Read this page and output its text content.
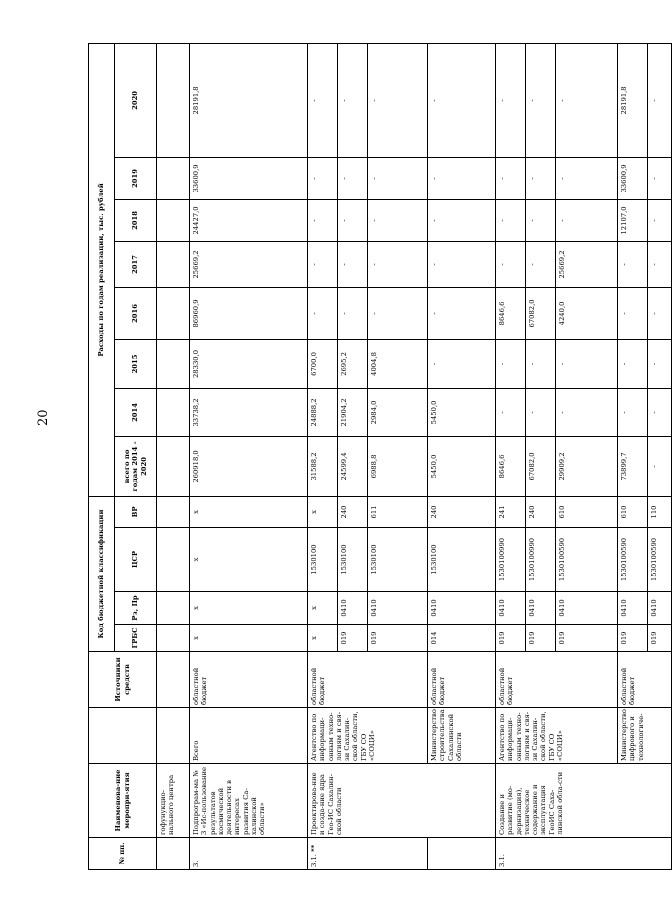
20
№ пп.	Наименова-ние меропри-ятия		Источники средств	Код бюджетной классификации				Расходы по годам реализации, тыс. рублей							
				ГРБС	Рз, Пр	ЦСР	ВР	всего по годам 2014 - 2020	2014	2015	2016	2017	2018	2019	2020
	гофунукцио-нального центра														
3.	Подпрограм-ма № 3 «Ис-пользование результатов космической деятельности в интересах развития Са-халинской области»	Всего	областной бюджет	x	x	x	x	260918,0	33738,2	28330,0	86960,9	25669,2	24427,0	33600,9	28191,8
3.1. **	Проектирова-ние и созда-ние ядра Гео-ИС Сахалин-ской области	Агентство по информаци-онным техно-логиям и свя-зи Сахалин-ской области, ГБУ СО «СОЦИ»	областной бюджет	x	x	1530100	x	31588,2	24888,2	6700,0	-	-	-	-	-
				019	0410	1530100	240	24599,4	21904,2	2695,2	-	-	-	-	-
				019	0410	1530100	611	6988,8	2984,0	4004,8	-	-	-	-	-
		Министерство строительства Сахалинской области	областной бюджет	014	0410	1530100	240	5450,0	5450,0	-	-	-	-	-	-
3.1.	Создание и развитие (мо-дернизация), техническое содержание и эксплуатация ГеоИС Саха-линской обла-сти	Агентство по информаци-онным техно-логиям и свя-зи Сахалин-ской области, ГБУ СО «СОЦИ»	областной бюджет	019	0410	1530100990	241	8646,6	-	-	8646,6	-	-	-	-
				019	0410	1530100990	240	67082,0	-	-	67082,0	-	-	-	-
				019	0410	1530100590	610	29909,2	-	-	4240,0	25669,2	-	-	-
		Министерство цифрового и технологиче-	областной бюджет	019	0410	1530100590	610	73899,7	-	-	-	-	12107,0	33600,9	28191,8
				019	0410	1530100590	110	-	-	-	-	-	-	-	-
